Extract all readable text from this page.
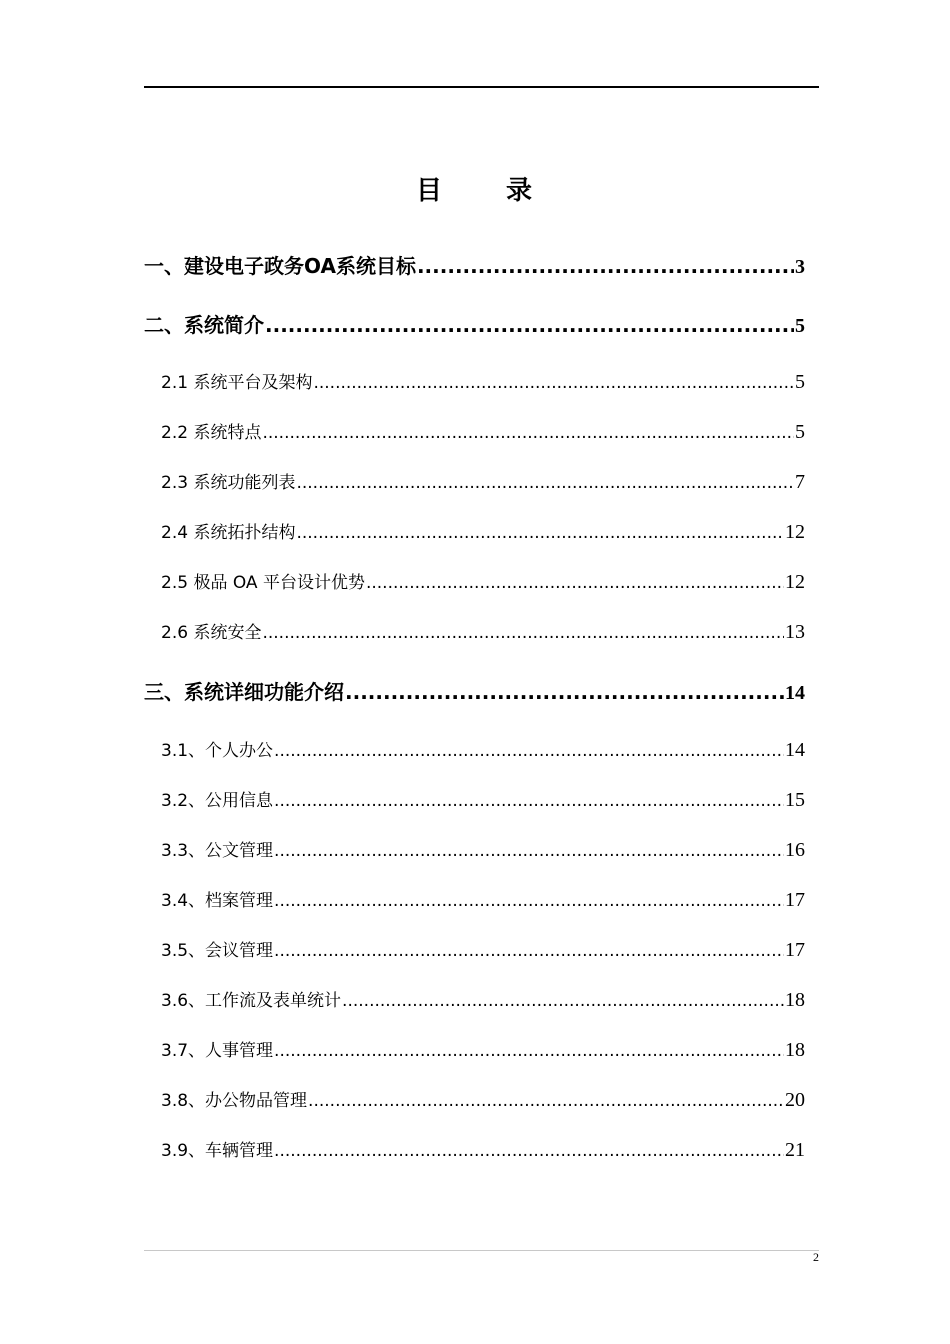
目 录
一、建设电子政务OA系统目标 .....	3
二、系统简介 .....	5
2.1 系统平台及架构 .....	5
2.2 系统特点 .....	5
2.3 系统功能列表 .....	7
2.4 系统拓扑结构 .....	12
2.5 极品 OA 平台设计优势 .....	12
2.6 系统安全 .....	13
三、系统详细功能介绍 .....	14
3.1、个人办公 .....	14
3.2、公用信息 .....	15
3.3、公文管理 .....	16
3.4、档案管理 .....	17
3.5、会议管理 .....	17
3.6、工作流及表单统计 .....	18
3.7、人事管理 .....	18
3.8、办公物品管理 .....	20
3.9、车辆管理 .....	21
2
